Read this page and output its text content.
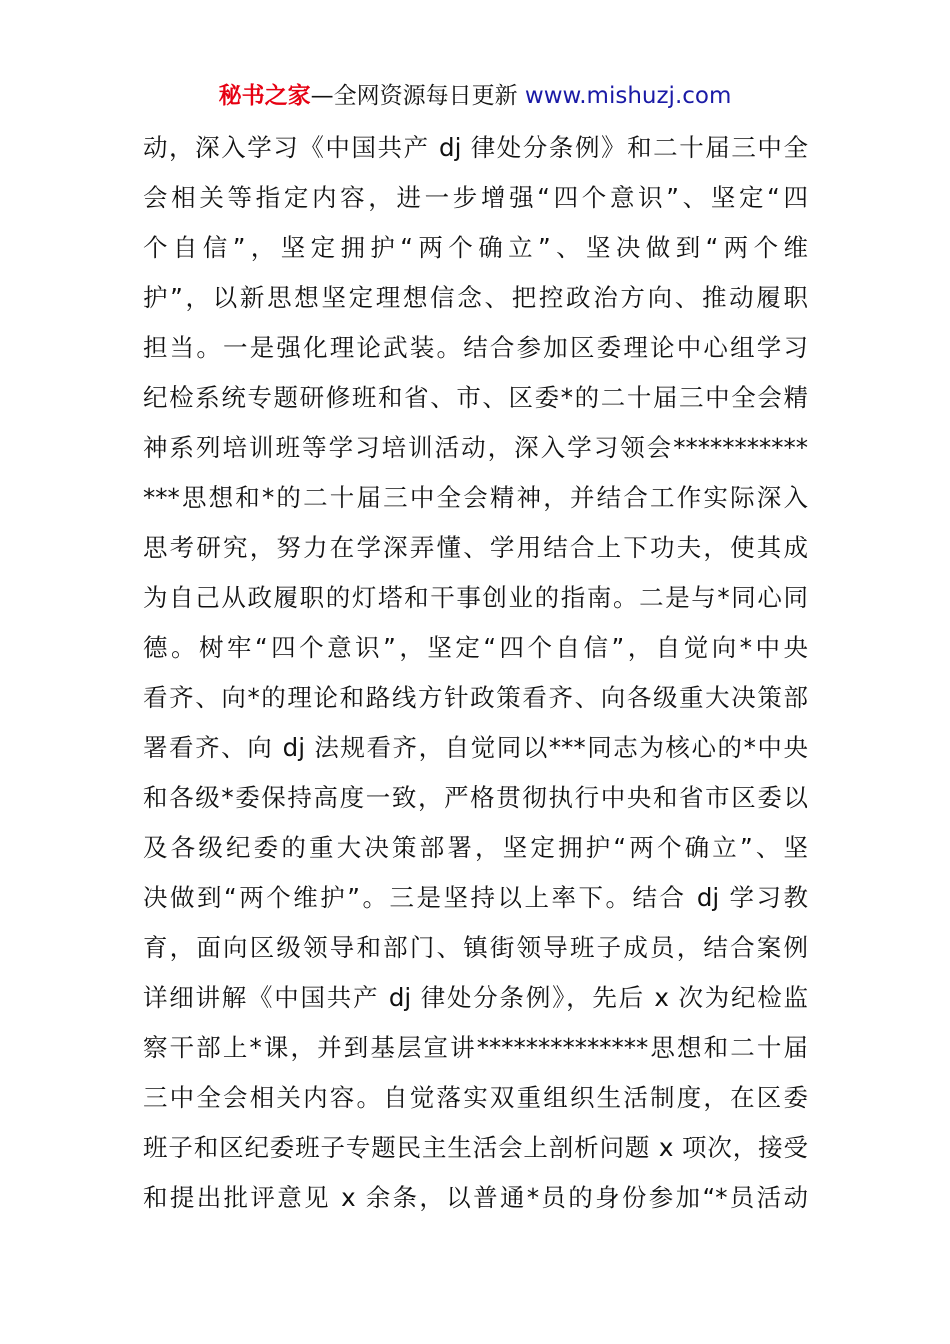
秘书之家—全网资源每日更新 www.mishuzj.com
动，深入学习《中国共产 dj 律处分条例》和二十届三中全
会相关等指定内容，进一步增强“四个意识”、坚定“四
个自信”，坚定拥护“两个确立”、坚决做到“两个维
护”，以新思想坚定理想信念、把控政治方向、推动履职
担当。一是强化理论武装。结合参加区委理论中心组学习
纪检系统专题研修班和省、市、区委*的二十届三中全会精
神系列培训班等学习培训活动，深入学习领会***********
***思想和*的二十届三中全会精神，并结合工作实际深入
思考研究，努力在学深弄懂、学用结合上下功夫，使其成
为自己从政履职的灯塔和干事创业的指南。二是与*同心同
德。树牢“四个意识”，坚定“四个自信”，自觉向*中央
看齐、向*的理论和路线方针政策看齐、向各级重大决策部
署看齐、向 dj 法规看齐，自觉同以***同志为核心的*中央
和各级*委保持高度一致，严格贯彻执行中央和省市区委以
及各级纪委的重大决策部署，坚定拥护“两个确立”、坚
决做到“两个维护”。三是坚持以上率下。结合 dj 学习教
育，面向区级领导和部门、镇街领导班子成员，结合案例
详细讲解《中国共产 dj 律处分条例》，先后 x 次为纪检监
察干部上*课，并到基层宣讲**************思想和二十届
三中全会相关内容。自觉落实双重组织生活制度，在区委
班子和区纪委班子专题民主生活会上剖析问题 x 项次，接受
和提出批评意见 x 余条，以普通*员的身份参加“*员活动
